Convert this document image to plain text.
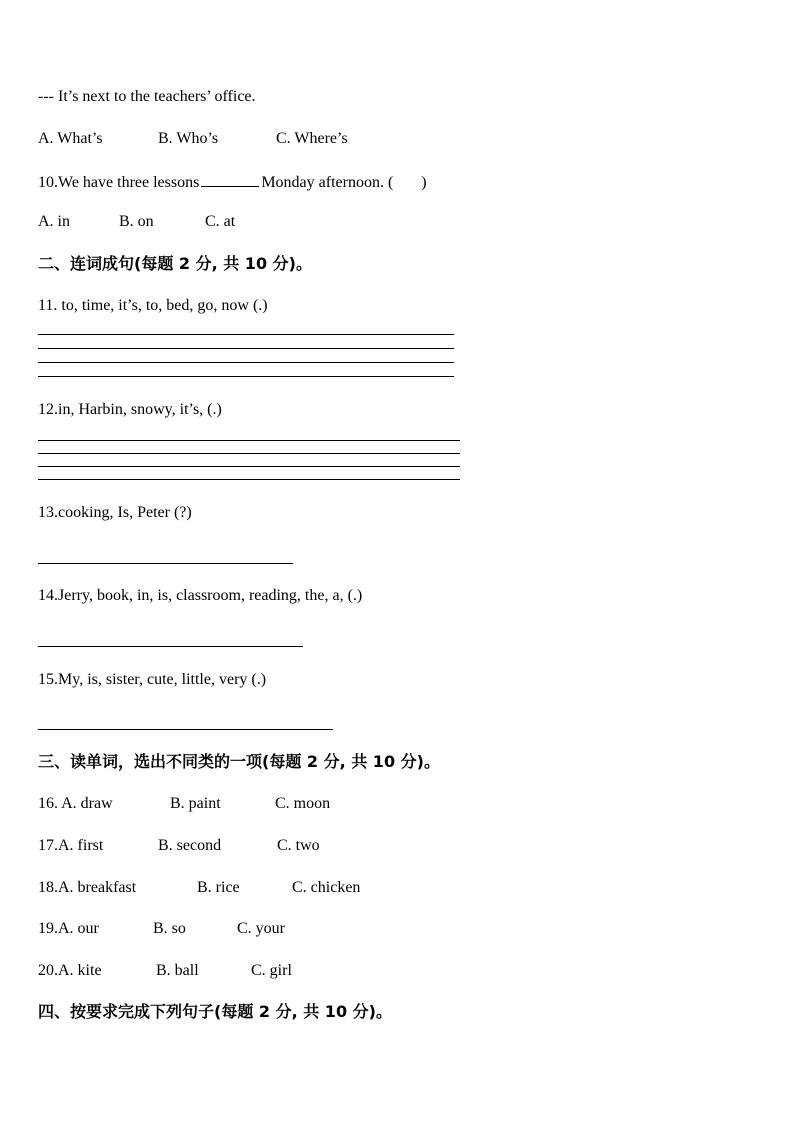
--- It’s next to the teachers’ office.
A. What’s	B. Who’s	C. Where’s
10.We have three lessons	Monday afternoon. ( )
A. in	B. on	C. at
二、连词成句(每题 2 分, 共 10 分)。
11. to, time, it’s, to, bed, go, now (.)
12.in, Harbin, snowy, it’s, (.)
13.cooking, Is, Peter (?)
14.Jerry, book, in, is, classroom, reading, the, a, (.)
15.My, is, sister, cute, little, very (.)
三、读单词，选出不同类的一项(每题 2 分, 共 10 分)。
16. A. draw	B. paint	C. moon
17.A. first	B. second	C. two
18.A. breakfast	B. rice	C. chicken
19.A. our	B. so	C. your
20.A. kite	B. ball	C. girl
四、按要求完成下列句子(每题 2 分, 共 10 分)。
